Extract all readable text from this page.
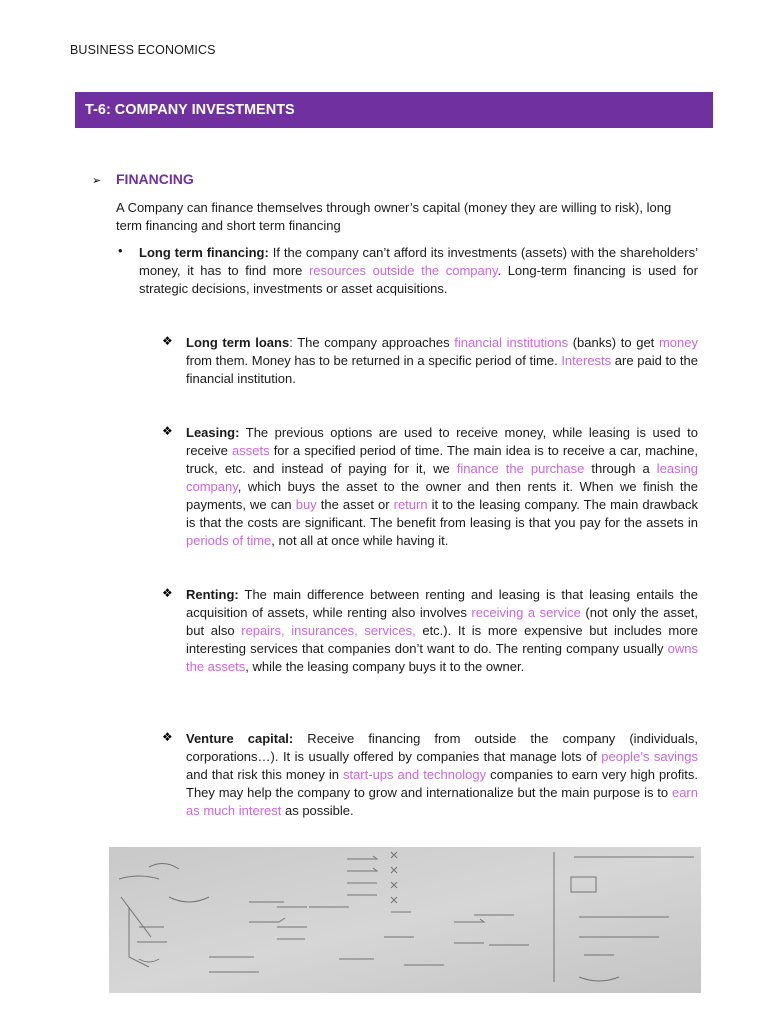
BUSINESS ECONOMICS
T-6: COMPANY INVESTMENTS
➢ FINANCING
A Company can finance themselves through owner’s capital (money they are willing to risk), long term financing and short term financing
• Long term financing: If the company can’t afford its investments (assets) with the shareholders’ money, it has to find more resources outside the company. Long-term financing is used for strategic decisions, investments or asset acquisitions.
❖ Long term loans: The company approaches financial institutions (banks) to get money from them. Money has to be returned in a specific period of time. Interests are paid to the financial institution.
❖ Leasing: The previous options are used to receive money, while leasing is used to receive assets for a specified period of time. The main idea is to receive a car, machine, truck, etc. and instead of paying for it, we finance the purchase through a leasing company, which buys the asset to the owner and then rents it. When we finish the payments, we can buy the asset or return it to the leasing company. The main drawback is that the costs are significant. The benefit from leasing is that you pay for the assets in periods of time, not all at once while having it.
❖ Renting: The main difference between renting and leasing is that leasing entails the acquisition of assets, while renting also involves receiving a service (not only the asset, but also repairs, insurances, services, etc.). It is more expensive but includes more interesting services that companies don’t want to do. The renting company usually owns the assets, while the leasing company buys it to the owner.
❖ Venture capital: Receive financing from outside the company (individuals, corporations…). It is usually offered by companies that manage lots of people’s savings and that risk this money in start-ups and technology companies to earn very high profits. They may help the company to grow and internationalize but the main purpose is to earn as much interest as possible.
